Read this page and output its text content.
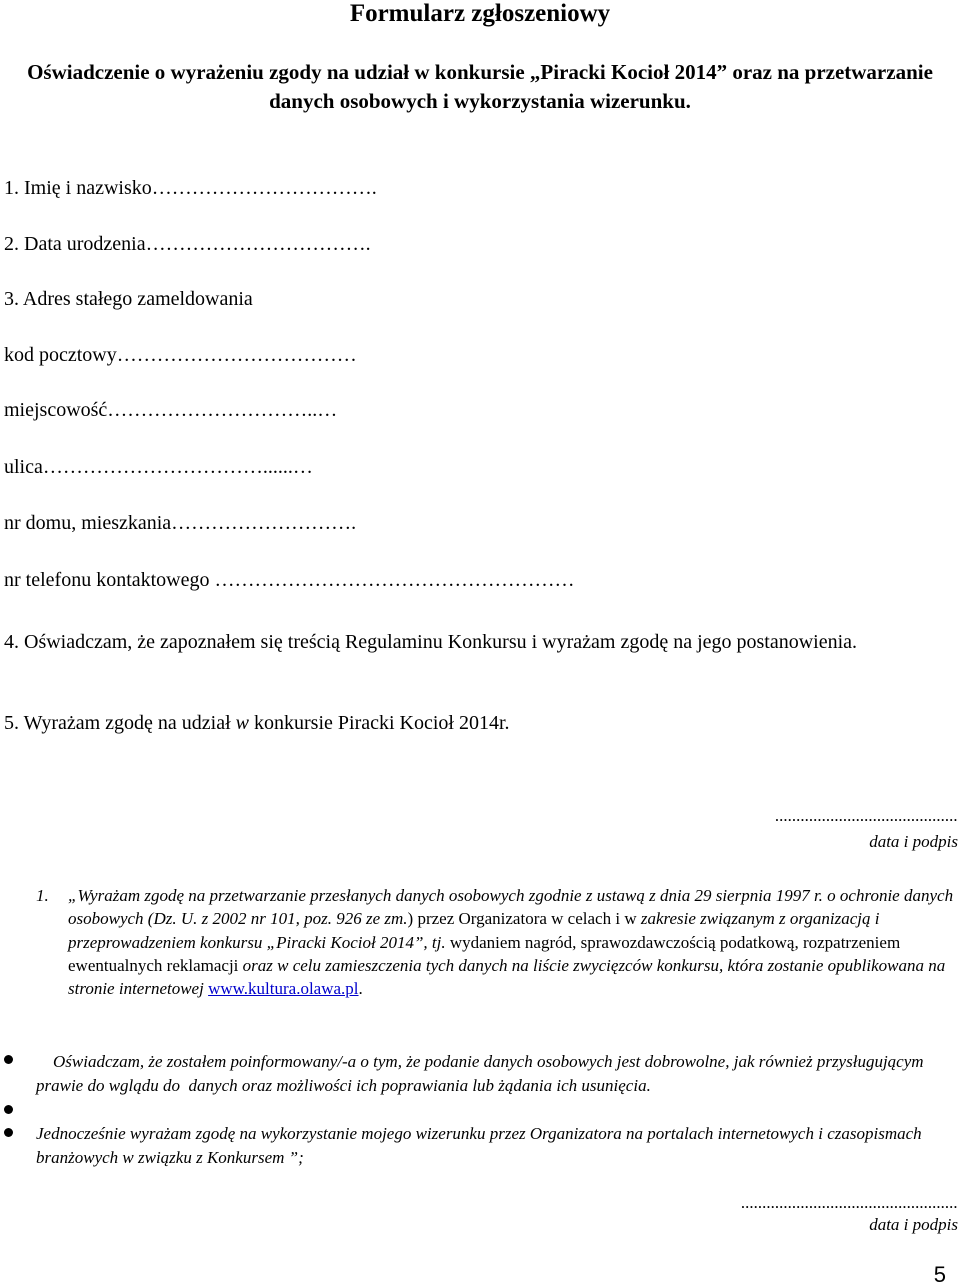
Formularz zgłoszeniowy
Oświadczenie o wyrażeniu zgody na udział w konkursie „Piracki Kocioł 2014” oraz na przetwarzanie danych osobowych i wykorzystania wizerunku.
1. Imię i nazwisko…………………………….
2. Data urodzenia…………………………….
3. Adres stałego zameldowania
kod pocztowy………………………………
miejscowość…………………………..…
ulica……………………………......…
nr domu, mieszkania……………………….
nr telefonu kontaktowego ………………………………………………
4. Oświadczam, że zapoznałem się treścią Regulaminu Konkursu i wyrażam zgodę na jego postanowienia.
5. Wyrażam zgodę na udział w konkursie Piracki Kocioł 2014r.
...........................................
data i podpis
1. „Wyrażam zgodę na przetwarzanie przesłanych danych osobowych zgodnie z ustawą z dnia 29 sierpnia 1997 r. o ochronie danych osobowych (Dz. U. z 2002 nr 101, poz. 926 ze zm.) przez Organizatora w celach i w zakresie związanym z organizacją i przeprowadzeniem konkursu „Piracki Kocioł 2014”, tj. wydaniem nagród, sprawozdawczością podatkową, rozpatrzeniem ewentualnych reklamacji oraz w celu zamieszczenia tych danych na liście zwycięzców konkursu, która zostanie opublikowana na stronie internetowej www.kultura.olawa.pl.
Oświadczam, że zostałem poinformowany/-a o tym, że podanie danych osobowych jest dobrowolne, jak również przysługującym prawie do wglądu do  danych oraz możliwości ich poprawiania lub żądania ich usunięcia.
Jednocześnie wyrażam zgodę na wykorzystanie mojego wizerunku przez Organizatora na portalach internetowych i czasopismach branżowych w związku z Konkursem ”;
...................................................
data i podpis
5
